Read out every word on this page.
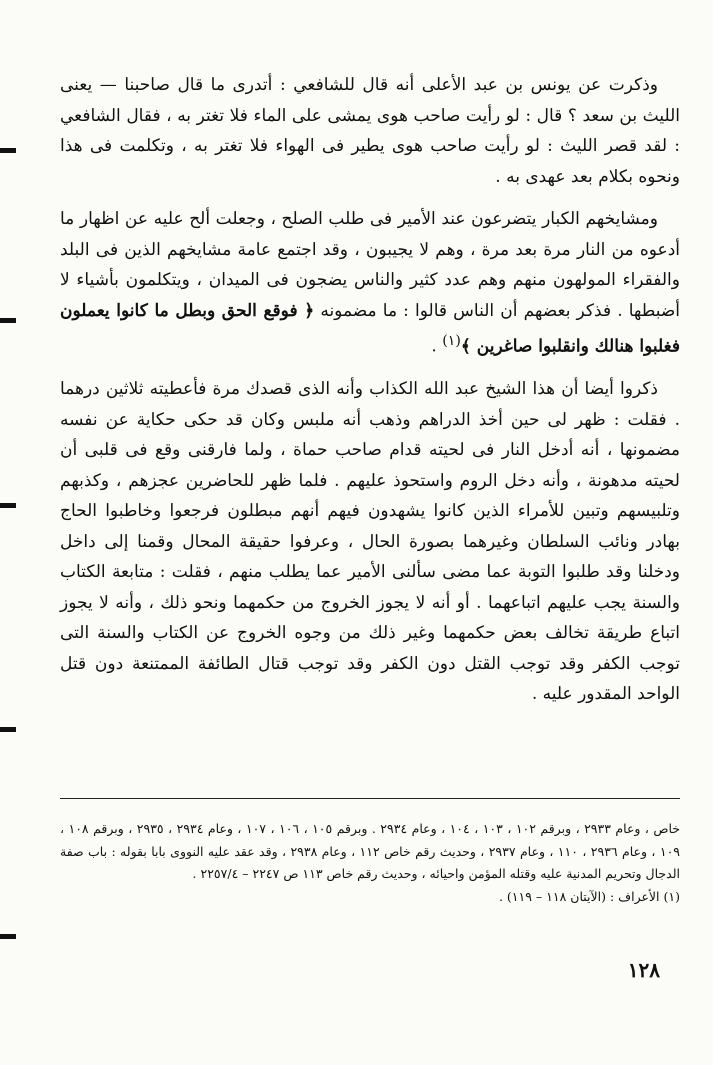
وذكرت عن يونس بن عبد الأعلى أنه قال للشافعي : أتدرى ما قال صاحبنا — يعنى الليث بن سعد ؟ قال : لو رأيت صاحب هوى يمشى على الماء فلا تغتر به ، فقال الشافعي : لقد قصر الليث : لو رأيت صاحب هوى يطير فى الهواء فلا تغتر به ، وتكلمت فى هذا ونحوه بكلام بعد عهدى به .

ومشايخهم الكبار يتضرعون عند الأمير فى طلب الصلح ، وجعلت ألح عليه عن اظهار ما أدعوه من النار مرة بعد مرة ، وهم لا يجيبون ، وقد اجتمع عامة مشايخهم الذين فى البلد والفقراء المولهون منهم وهم عدد كثير والناس يضجون فى الميدان ، ويتكلمون بأشياء لا أضبطها . فذكر بعضهم أن الناس قالوا : ما مضمونه ﴿ فوقع الحق وبطل ما كانوا يعملون فغلبوا هنالك وانقلبوا صاغرين ﴾$^{(١)}$ .

ذكروا أيضا أن هذا الشيخ عبد الله الكذاب وأنه الذى قصدك مرة فأعطيته ثلاثين درهما . فقلت : ظهر لى حين أخذ الدراهم وذهب أنه ملبس وكان قد حكى حكاية عن نفسه مضمونها ، أنه أدخل النار فى لحيته قدام صاحب حماة ، ولما فارقنى وقع فى قلبى أن لحيته مدهونة ، وأنه دخل الروم واستحوذ عليهم . فلما ظهر للحاضرين عجزهم ، وكذبهم وتلبيسهم وتبين للأمراء الذين كانوا يشهدون فيهم أنهم مبطلون فرجعوا وخاطبوا الحاج بهادر ونائب السلطان وغيرهما بصورة الحال ، وعرفوا حقيقة المحال وقمنا إلى داخل ودخلنا وقد طلبوا التوبة عما مضى سألنى الأمير عما يطلب منهم ، فقلت : متابعة الكتاب والسنة يجب عليهم اتباعهما . أو أنه لا يجوز الخروج من حكمهما ونحو ذلك ، وأنه لا يجوز اتباع طريقة تخالف بعض حكمهما وغير ذلك من وجوه الخروج عن الكتاب والسنة التى توجب الكفر وقد توجب القتل دون الكفر وقد توجب قتال الطائفة الممتنعة دون قتل الواحد المقدور عليه .

خاص ، وعام ٢٩٣٣ ، وبرقم ١٠٢ ، ١٠٣ ، ١٠٤ ، وعام ٢٩٣٤ . وبرقم ١٠٥ ، ١٠٦ ، ١٠٧ ، وعام ٢٩٣٤ ، ٢٩٣٥ ، وبرقم ١٠٨ ، ١٠٩ ، وعام ٢٩٣٦ ، ١١٠ ، وعام ٢٩٣٧ ، وحديث رقم خاص ١١٢ ، وعام ٢٩٣٨ ، وقد عقد عليه النووى بابا بقوله : باب صفة الدجال وتحريم المدنية عليه وقتله المؤمن واحيائه ، وحديث رقم خاص ١١٣ ص ٢٢٤٧ – ٢٢٥٧/٤ .

(١) الأعراف : (الآيتان ١١٨ – ١١٩) .

١٢٨
